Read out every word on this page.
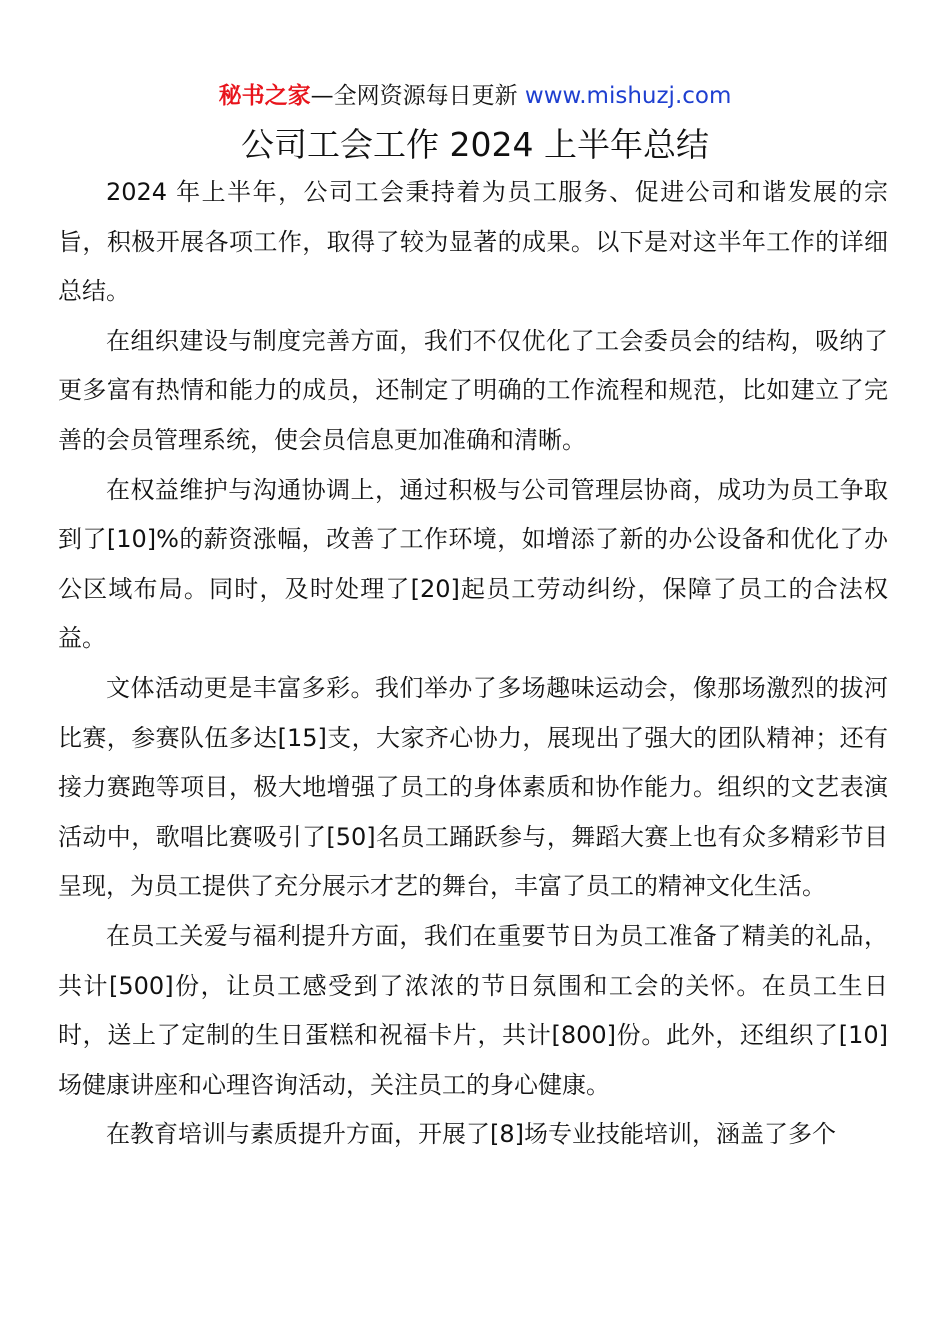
秘书之家—全网资源每日更新 www.mishuzj.com
公司工会工作 2024 上半年总结

2024 年上半年，公司工会秉持着为员工服务、促进公司和谐发展的宗旨，积极开展各项工作，取得了较为显著的成果。以下是对这半年工作的详细总结。

在组织建设与制度完善方面，我们不仅优化了工会委员会的结构，吸纳了更多富有热情和能力的成员，还制定了明确的工作流程和规范，比如建立了完善的会员管理系统，使会员信息更加准确和清晰。

在权益维护与沟通协调上，通过积极与公司管理层协商，成功为员工争取到了[10]%的薪资涨幅，改善了工作环境，如增添了新的办公设备和优化了办公区域布局。同时，及时处理了[20]起员工劳动纠纷，保障了员工的合法权益。

文体活动更是丰富多彩。我们举办了多场趣味运动会，像那场激烈的拔河比赛，参赛队伍多达[15]支，大家齐心协力，展现出了强大的团队精神；还有接力赛跑等项目，极大地增强了员工的身体素质和协作能力。组织的文艺表演活动中，歌唱比赛吸引了[50]名员工踊跃参与，舞蹈大赛上也有众多精彩节目呈现，为员工提供了充分展示才艺的舞台，丰富了员工的精神文化生活。

在员工关爱与福利提升方面，我们在重要节日为员工准备了精美的礼品，共计[500]份，让员工感受到了浓浓的节日氛围和工会的关怀。在员工生日时，送上了定制的生日蛋糕和祝福卡片，共计[800]份。此外，还组织了[10]场健康讲座和心理咨询活动，关注员工的身心健康。

在教育培训与素质提升方面，开展了[8]场专业技能培训，涵盖了多个
